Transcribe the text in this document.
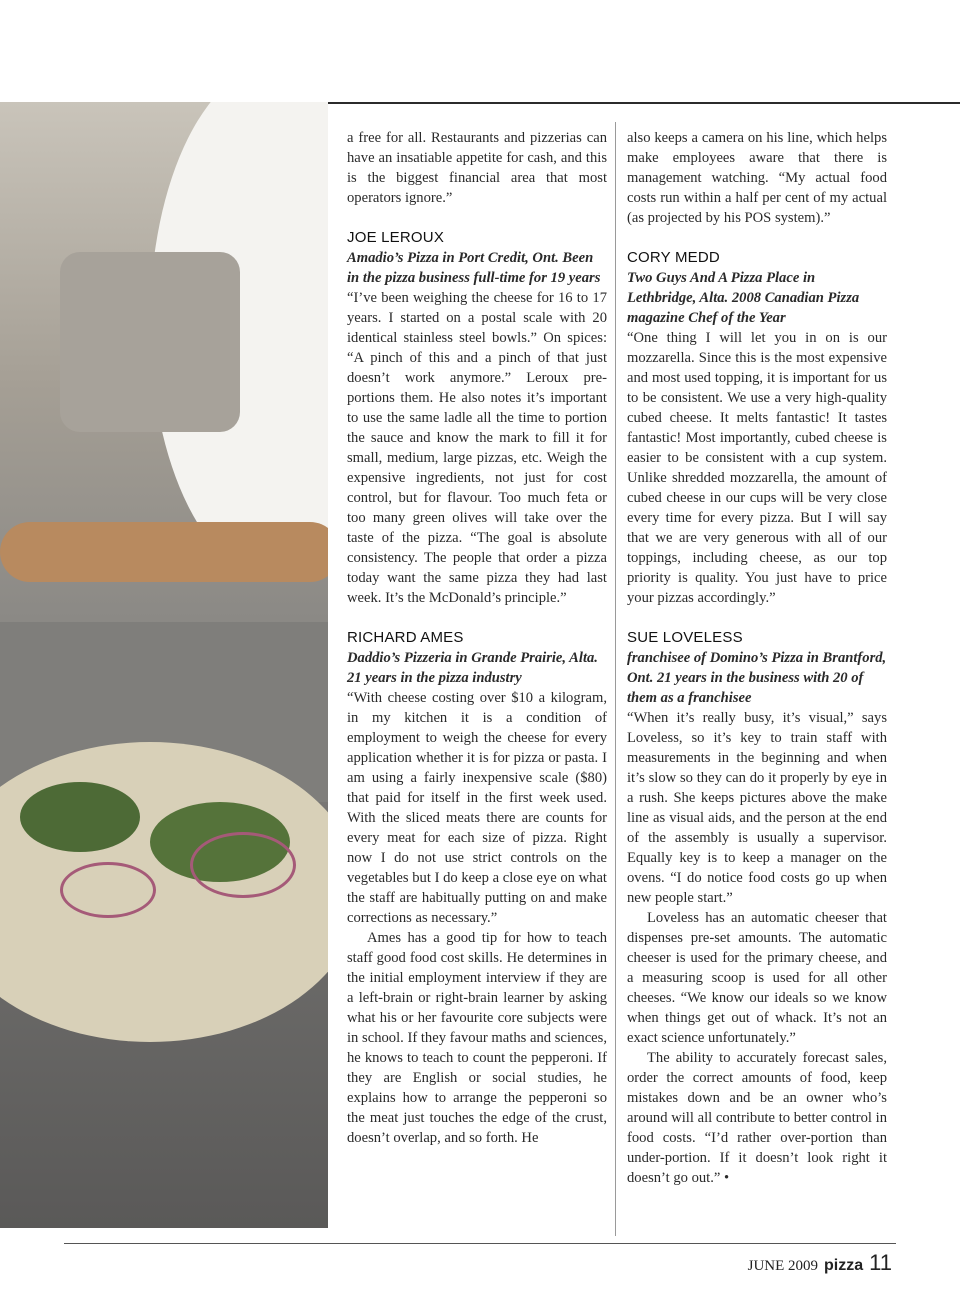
a free for all. Restaurants and pizzerias can have an insatiable appetite for cash, and this is the biggest financial area that most operators ignore.”

JOE LEROUX

Amadio’s Pizza in Port Credit, Ont. Been in the pizza business full-time for 19 years

“I’ve been weighing the cheese for 16 to 17 years. I started on a postal scale with 20 identical stainless steel bowls.” On spices: “A pinch of this and a pinch of that just doesn’t work anymore.” Leroux pre-portions them. He also notes it’s important to use the same ladle all the time to portion the sauce and know the mark to fill it for small, medium, large pizzas, etc. Weigh the expensive ingredients, not just for cost control, but for flavour. Too much feta or too many green olives will take over the taste of the pizza. “The goal is absolute consistency. The people that order a pizza today want the same pizza they had last week. It’s the McDonald’s principle.”

RICHARD AMES

Daddio’s Pizzeria in Grande Prairie, Alta. 21 years in the pizza industry

“With cheese costing over $10 a kilogram, in my kitchen it is a condition of employment to weigh the cheese for every application whether it is for pizza or pasta. I am using a fairly inexpensive scale ($80) that paid for itself in the first week used. With the sliced meats there are counts for every meat for each size of pizza. Right now I do not use strict controls on the vegetables but I do keep a close eye on what the staff are habitually putting on and make corrections as necessary.”

Ames has a good tip for how to teach staff good food cost skills. He determines in the initial employment interview if they are a left-brain or right-brain learner by asking what his or her favourite core subjects were in school. If they favour maths and sciences, he knows to teach to count the pepperoni. If they are English or social studies, he explains how to arrange the pepperoni so the meat just touches the edge of the crust, doesn’t overlap, and so forth. He

also keeps a camera on his line, which helps make employees aware that there is management watching. “My actual food costs run within a half per cent of my actual (as projected by his POS system).”

CORY MEDD

Two Guys And A Pizza Place in Lethbridge, Alta. 2008 Canadian Pizza magazine Chef of the Year

“One thing I will let you in on is our mozzarella. Since this is the most expensive and most used topping, it is important for us to be consistent. We use a very high-quality cubed cheese. It melts fantastic! It tastes fantastic! Most importantly, cubed cheese is easier to be consistent with a cup system. Unlike shredded mozzarella, the amount of cubed cheese in our cups will be very close every time for every pizza. But I will say that we are very generous with all of our toppings, including cheese, as our top priority is quality. You just have to price your pizzas accordingly.”

SUE LOVELESS

franchisee of Domino’s Pizza in Brantford, Ont. 21 years in the business with 20 of them as a franchisee

“When it’s really busy, it’s visual,” says Loveless, so it’s key to train staff with measurements in the beginning and when it’s slow so they can do it properly by eye in a rush. She keeps pictures above the make line as visual aids, and the person at the end of the assembly is usually a supervisor. Equally key is to keep a manager on the ovens. “I do notice food costs go up when new people start.”

Loveless has an automatic cheeser that dispenses pre-set amounts. The automatic cheeser is used for the primary cheese, and a measuring scoop is used for all other cheeses. “We know our ideals so we know when things get out of whack. It’s not an exact science unfortunately.”

The ability to accurately forecast sales, order the correct amounts of food, keep mistakes down and be an owner who’s around will all contribute to better control in food costs. “I’d rather over-portion than under-portion. If it doesn’t look right it doesn’t go out.” •

JUNE 2009 pizza 11
